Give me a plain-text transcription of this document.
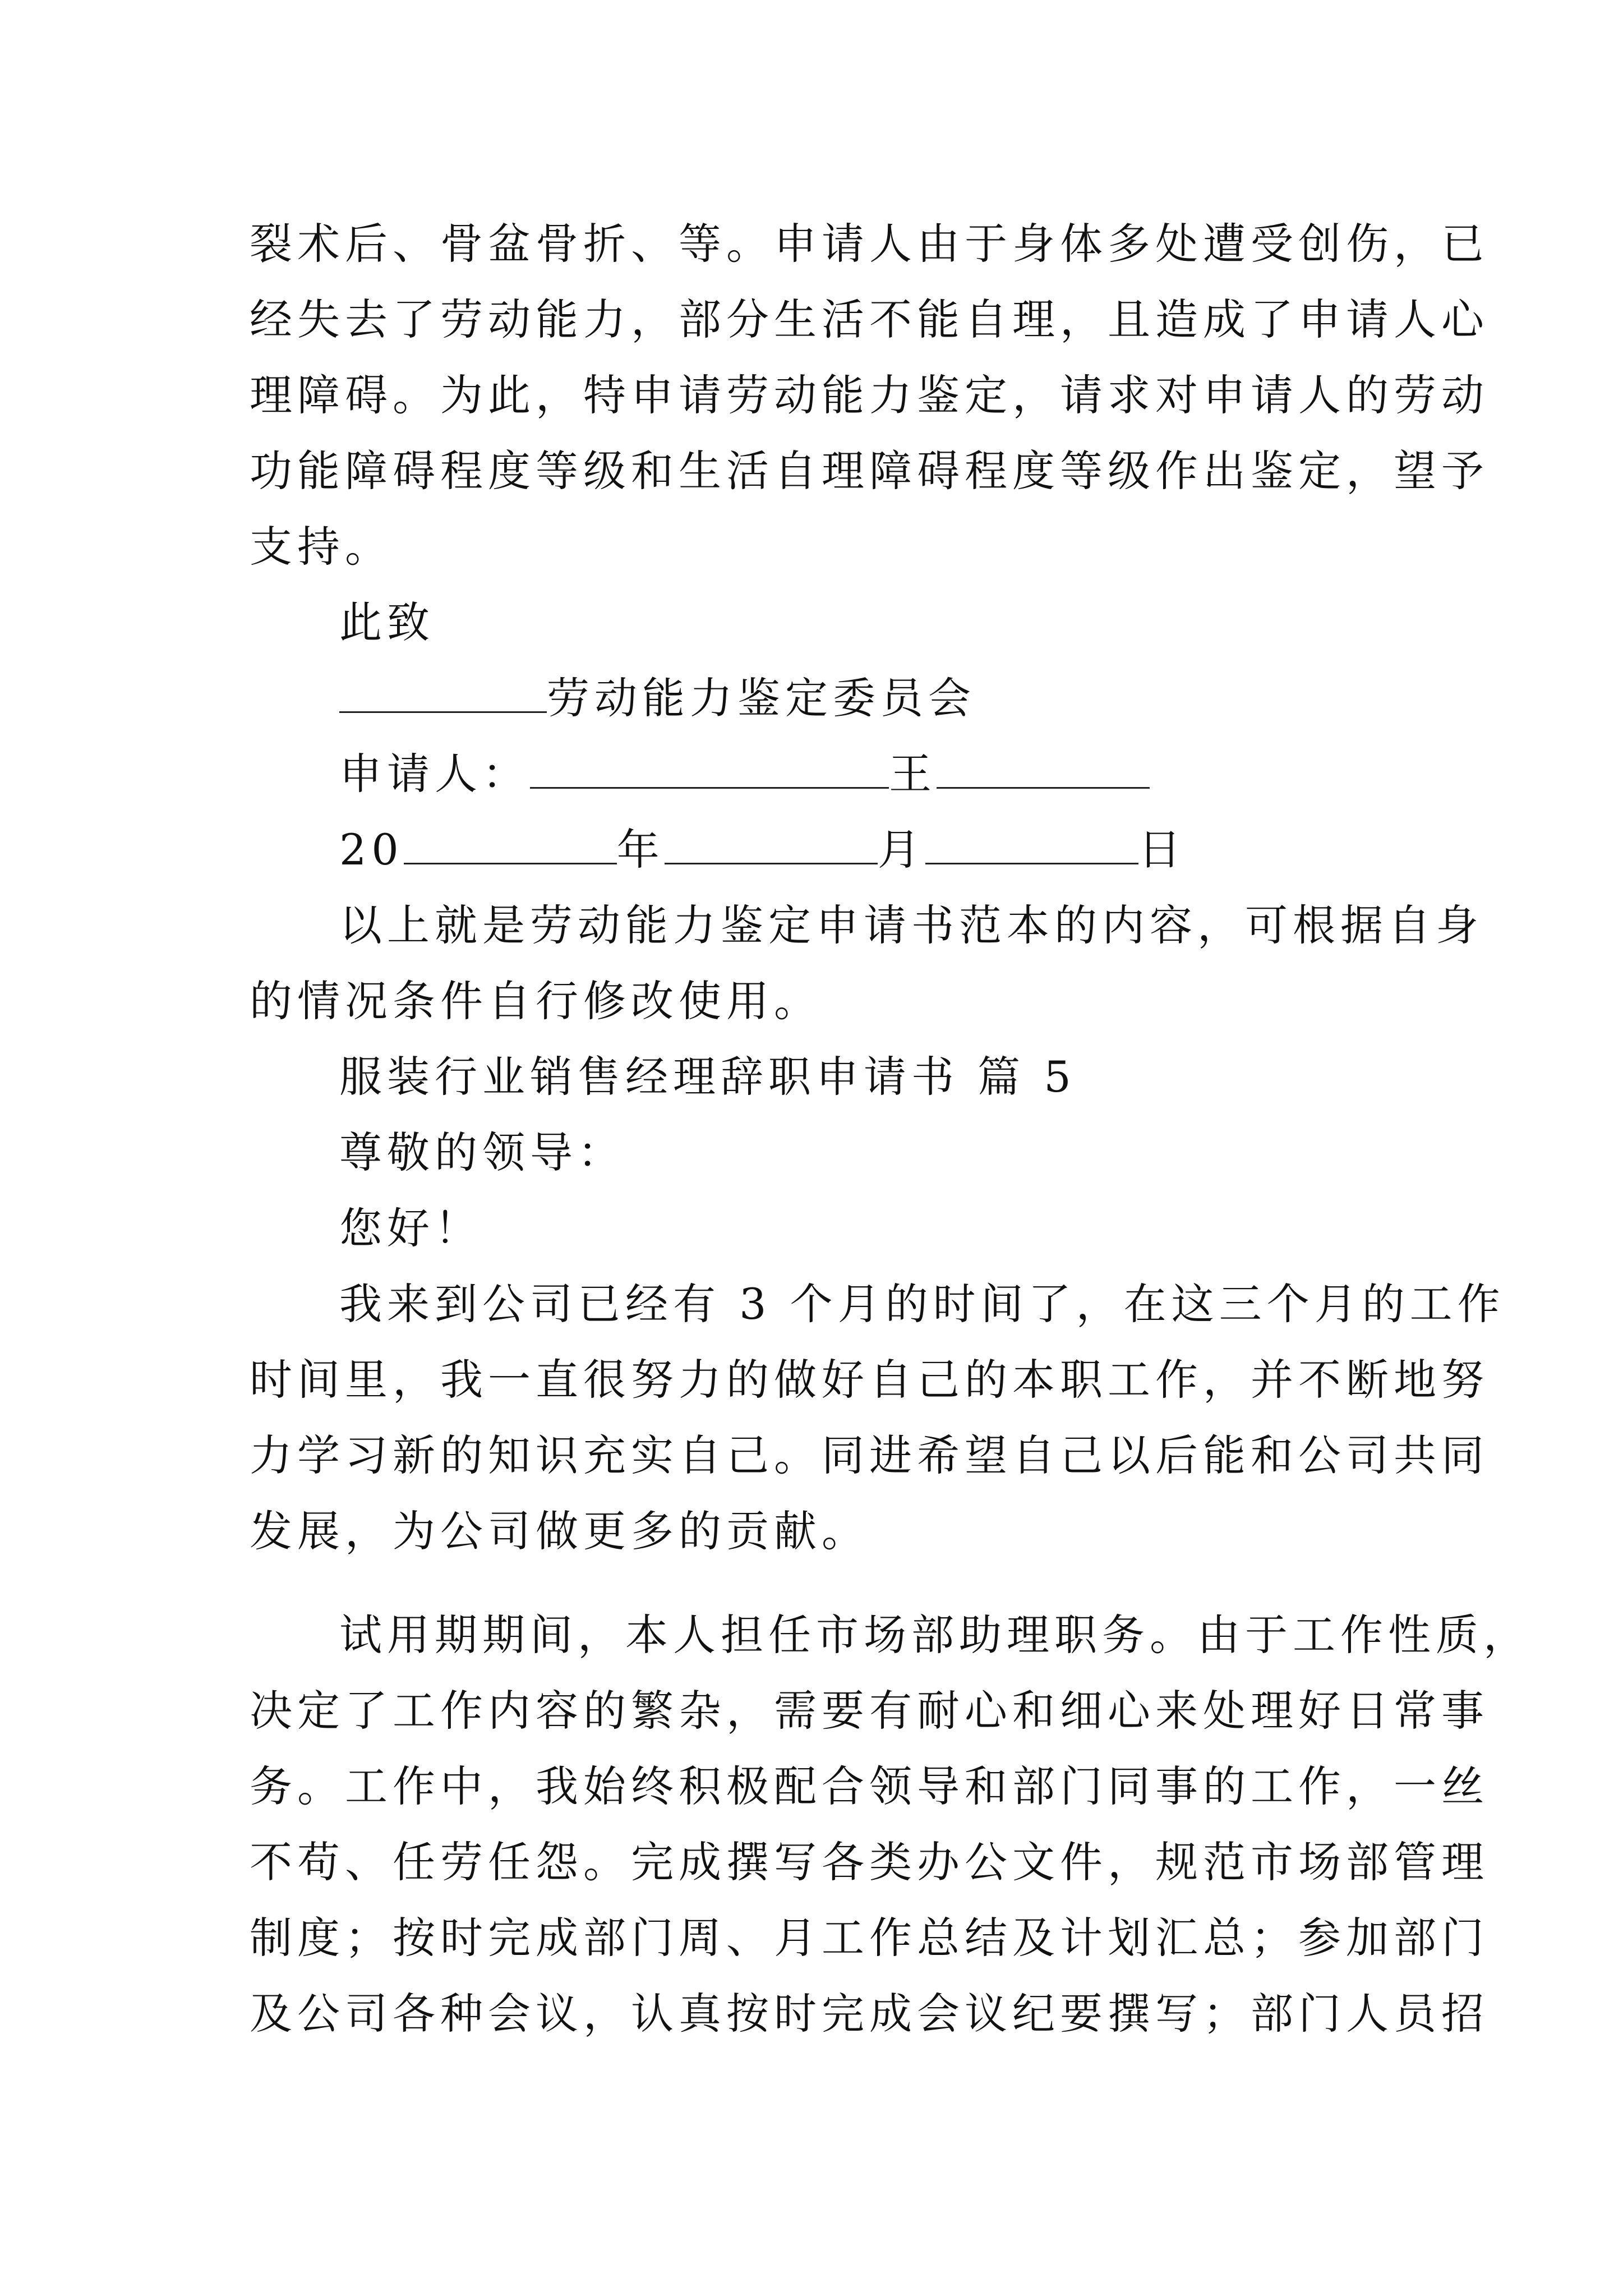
裂术后、骨盆骨折、等。申请人由于身体多处遭受创伤，已
经失去了劳动能力，部分生活不能自理，且造成了申请人心
理障碍。为此，特申请劳动能力鉴定，请求对申请人的劳动
功能障碍程度等级和生活自理障碍程度等级作出鉴定，望予
支持。
此致
劳动能力鉴定委员会
申请人：	王
20	年	月	日
以上就是劳动能力鉴定申请书范本的内容，可根据自身
的情况条件自行修改使用。
服装行业销售经理辞职申请书 篇 5
尊敬的领导：
您好！
我来到公司已经有 3 个月的时间了，在这三个月的工作
时间里，我一直很努力的做好自己的本职工作，并不断地努
力学习新的知识充实自己。同进希望自己以后能和公司共同
发展，为公司做更多的贡献。
试用期期间，本人担任市场部助理职务。由于工作性质，
决定了工作内容的繁杂，需要有耐心和细心来处理好日常事
务。工作中，我始终积极配合领导和部门同事的工作，一丝
不苟、任劳任怨。完成撰写各类办公文件，规范市场部管理
制度；按时完成部门周、月工作总结及计划汇总；参加部门
及公司各种会议，认真按时完成会议纪要撰写；部门人员招
